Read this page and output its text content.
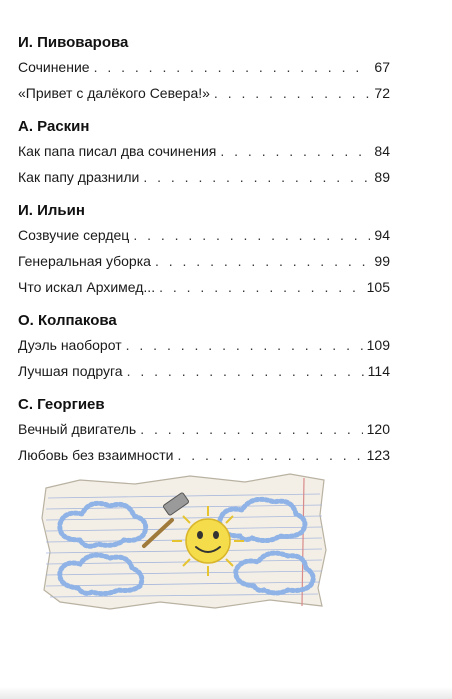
И. Пивоварова
Сочинение . . .	67
«Привет с далёкого Севера!» . . .	72
А. Раскин
Как папа писал два сочинения . . .	84
Как папу дразнили . . .	89
И. Ильин
Созвучие сердец . . .	94
Генеральная уборка . . .	99
Что искал Архимед... . . .	105
О. Колпакова
Дуэль наоборот . . .	109
Лучшая подруга . . .	114
С. Георгиев
Вечный двигатель . . .	120
Любовь без взаимности . . .	123
